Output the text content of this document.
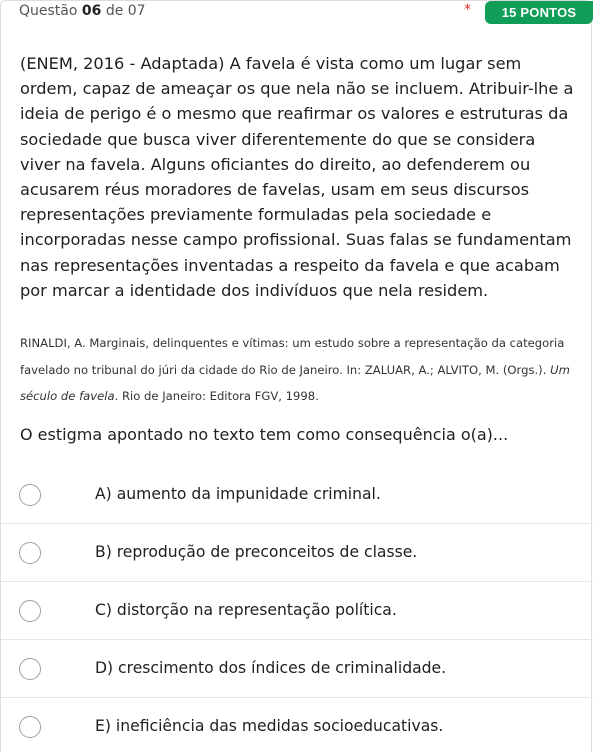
Questão 06 de 07	*	15 PONTOS
(ENEM, 2016 - Adaptada) A favela é vista como um lugar sem ordem, capaz de ameaçar os que nela não se incluem. Atribuir-lhe a ideia de perigo é o mesmo que reafirmar os valores e estruturas da sociedade que busca viver diferentemente do que se considera viver na favela. Alguns oficiantes do direito, ao defenderem ou acusarem réus moradores de favelas, usam em seus discursos representações previamente formuladas pela sociedade e incorporadas nesse campo profissional. Suas falas se fundamentam nas representações inventadas a respeito da favela e que acabam por marcar a identidade dos indivíduos que nela residem.
RINALDI, A. Marginais, delinquentes e vítimas: um estudo sobre a representação da categoria favelado no tribunal do júri da cidade do Rio de Janeiro. In: ZALUAR, A.; ALVITO, M. (Orgs.). Um século de favela. Rio de Janeiro: Editora FGV, 1998.
O estigma apontado no texto tem como consequência o(a)...
A) aumento da impunidade criminal.
B) reprodução de preconceitos de classe.
C) distorção na representação política.
D) crescimento dos índices de criminalidade.
E) ineficiência das medidas socioeducativas.
